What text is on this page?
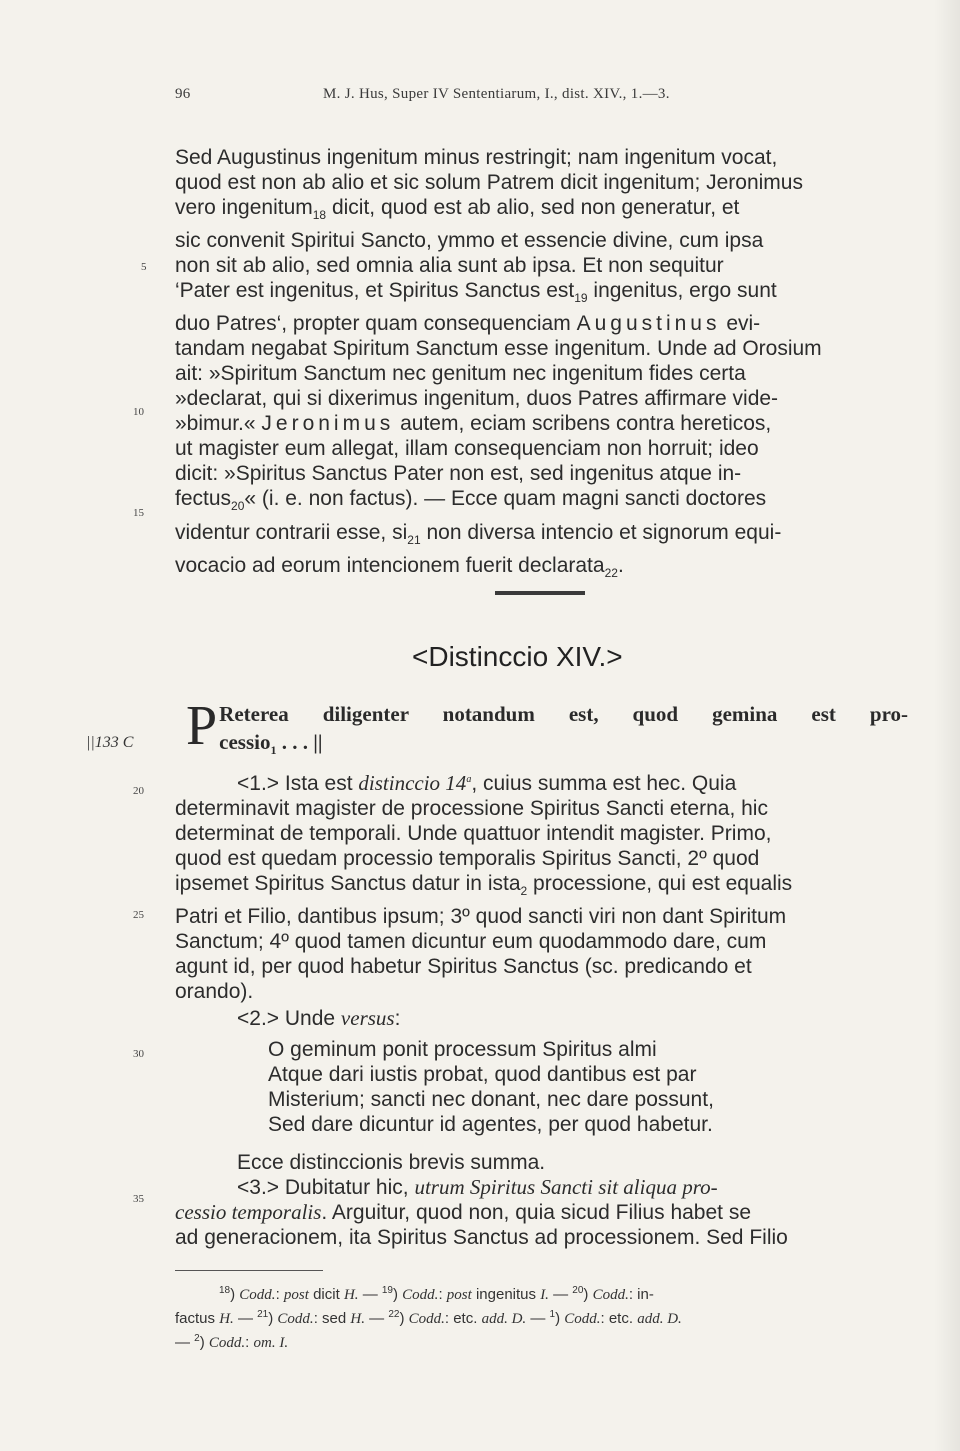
96	M. J. Hus, Super IV Sententiarum, I., dist. XIV., 1.—3.
5
10
15
20
25
30
35
Sed Augustinus ingenitum minus restringit; nam ingenitum vocat,
quod est non ab alio et sic solum Patrem dicit ingenitum; Jeronimus
vero ingenitum$_{18}$ dicit, quod est ab alio, sed non generatur, et
sic convenit Spiritui Sancto, ymmo et essencie divine, cum ipsa
non sit ab alio, sed omnia alia sunt ab ipsa. Et non sequitur
‘Pater est ingenitus, et Spiritus Sanctus est$_{19}$ ingenitus, ergo sunt
duo Patres‘, propter quam consequenciam Augustinus evi-
tandam negabat Spiritum Sanctum esse ingenitum. Unde ad Orosium
ait: »Spiritum Sanctum nec genitum nec ingenitum fides certa
»declarat, qui si dixerimus ingenitum, duos Patres affirmare vide-
»bimur.« Jeronimus autem, eciam scribens contra hereticos,
ut magister eum allegat, illam consequenciam non horruit; ideo
dicit: »Spiritus Sanctus Pater non est, sed ingenitus atque in-
fectus$_{20}$« (i. e. non factus). — Ecce quam magni sancti doctores
videntur contrarii esse, $si_{21}$ non diversa intencio et signorum equi-
vocacio ad eorum intencionem fuerit declarata$_{22}$.
<Distinccio XIV.>
||133 C P Reterea diligenter notandum est, quod gemina est pro-
cessio$_1$ . . . ||
<1.> Ista est distinccio 14$^a$, cuius summa est hec. Quia
determinavit magister de processione Spiritus Sancti eterna, hic
determinat de temporali. Unde quattuor intendit magister. Primo,
quod est quedam processio temporalis Spiritus Sancti, 2º quod
ipsemet Spiritus Sanctus datur in ista$_2$ processione, qui est equalis
Patri et Filio, dantibus ipsum; 3º quod sancti viri non dant Spiritum
Sanctum; 4º quod tamen dicuntur eum quodammodo dare, cum
agunt id, per quod habetur Spiritus Sanctus (sc. predicando et
orando).
<2.> Unde versus:
O geminum ponit processum Spiritus almi
Atque dari iustis probat, quod dantibus est par
Misterium; sancti nec donant, nec dare possunt,
Sed dare dicuntur id agentes, per quod habetur.
Ecce distinccionis brevis summa.
<3.> Dubitatur hic, utrum Spiritus Sancti sit aliqua pro-
cessio temporalis. Arguitur, quod non, quia sicud Filius habet se
ad generacionem, ita Spiritus Sanctus ad processionem. Sed Filio
$^{18}$) Codd.: post dicit H. — $^{19}$) Codd.: post ingenitus I. — $^{20}$) Codd.: in-
factus H. — $^{21}$) Codd.: sed H. — $^{22}$) Codd.: etc. add. D. — $^1$) Codd.: etc. add. D.
— $^2$) Codd.: om. I.
